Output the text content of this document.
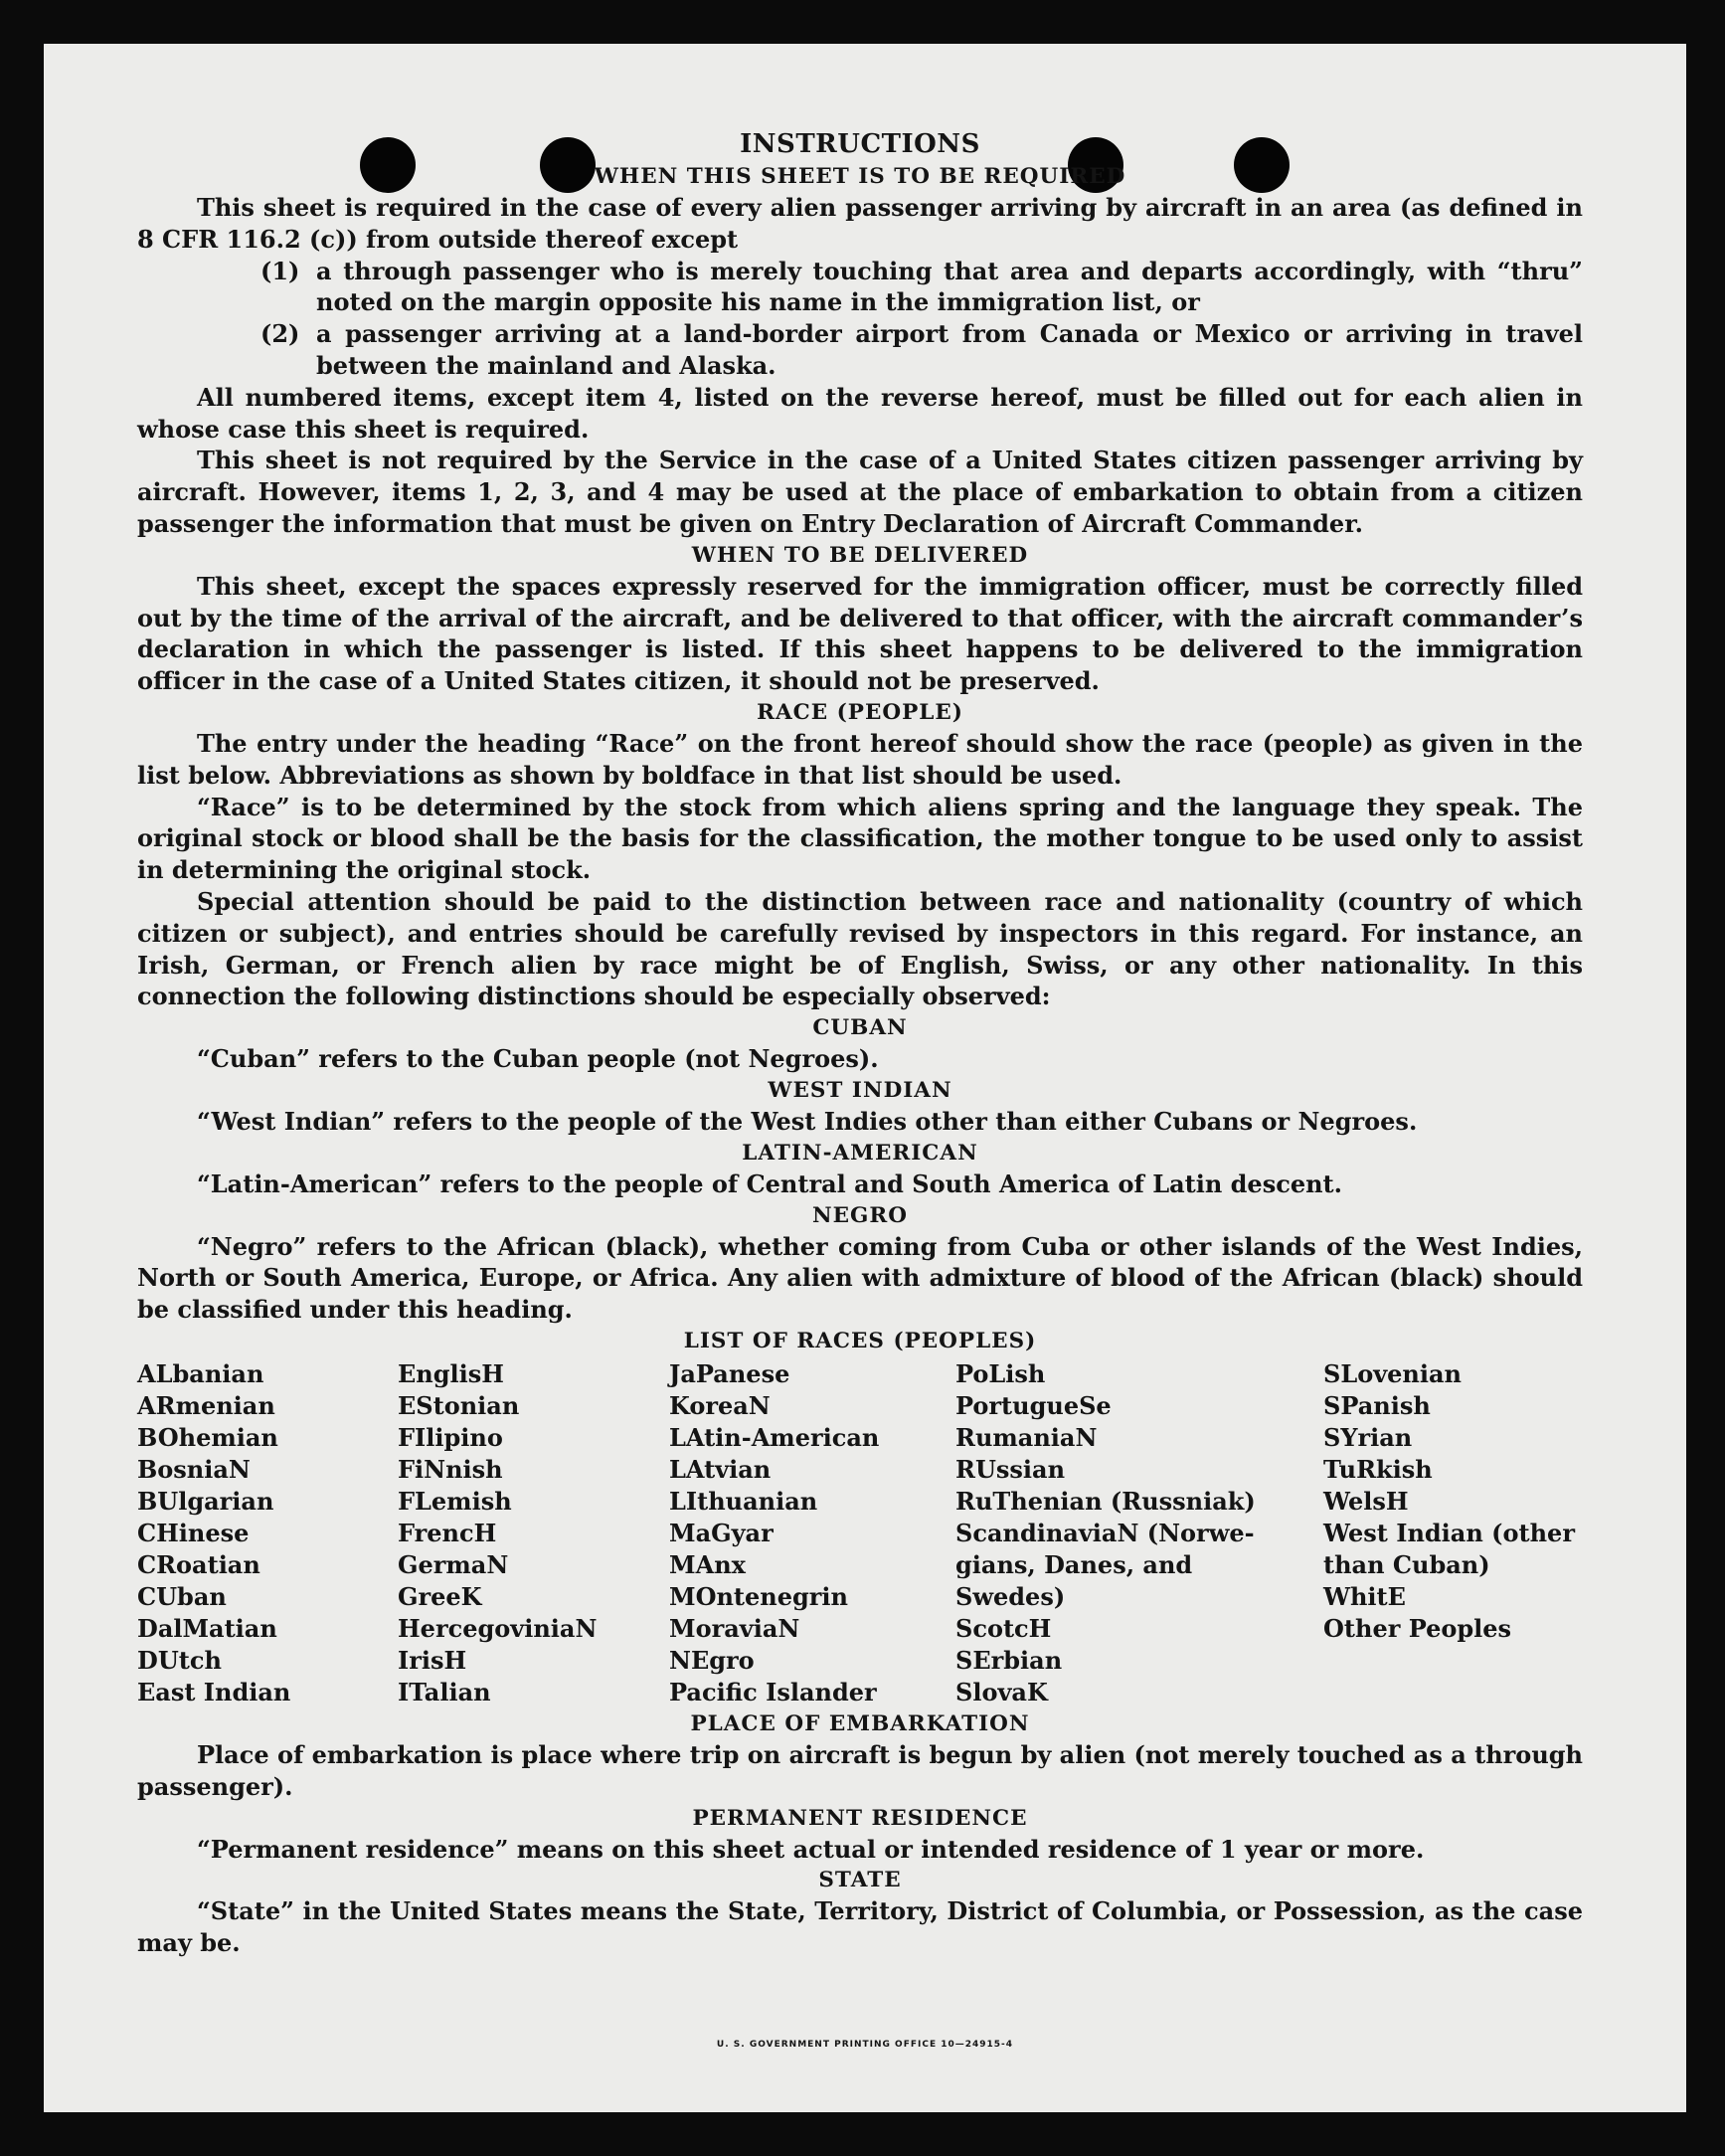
INSTRUCTIONS
WHEN THIS SHEET IS TO BE REQUIRED

This sheet is required in the case of every alien passenger arriving by aircraft in an area (as defined in 8 CFR 116.2 (c)) from outside thereof except

(1) a through passenger who is merely touching that area and departs accordingly, with “thru” noted on the margin opposite his name in the immigration list, or
(2) a passenger arriving at a land-border airport from Canada or Mexico or arriving in travel between the mainland and Alaska.

All numbered items, except item 4, listed on the reverse hereof, must be filled out for each alien in whose case this sheet is required.

This sheet is not required by the Service in the case of a United States citizen passenger arriving by aircraft. However, items 1, 2, 3, and 4 may be used at the place of embarkation to obtain from a citizen passenger the information that must be given on Entry Declaration of Aircraft Commander.

WHEN TO BE DELIVERED

This sheet, except the spaces expressly reserved for the immigration officer, must be correctly filled out by the time of the arrival of the aircraft, and be delivered to that officer, with the aircraft commander’s declaration in which the passenger is listed. If this sheet happens to be delivered to the immigration officer in the case of a United States citizen, it should not be preserved.

RACE (PEOPLE)

The entry under the heading “Race” on the front hereof should show the race (people) as given in the list below. Abbreviations as shown by boldface in that list should be used.

“Race” is to be determined by the stock from which aliens spring and the language they speak. The original stock or blood shall be the basis for the classification, the mother tongue to be used only to assist in determining the original stock.

Special attention should be paid to the distinction between race and nationality (country of which citizen or subject), and entries should be carefully revised by inspectors in this regard. For instance, an Irish, German, or French alien by race might be of English, Swiss, or any other nationality. In this connection the following distinctions should be especially observed:

CUBAN

“Cuban” refers to the Cuban people (not Negroes).

WEST INDIAN

“West Indian” refers to the people of the West Indies other than either Cubans or Negroes.

LATIN-AMERICAN

“Latin-American” refers to the people of Central and South America of Latin descent.

NEGRO

“Negro” refers to the African (black), whether coming from Cuba or other islands of the West Indies, North or South America, Europe, or Africa. Any alien with admixture of blood of the African (black) should be classified under this heading.

LIST OF RACES (PEOPLES)
ALbanian
ARmenian
BOhemian
BosniaN
BUlgarian
CHinese
CRoatian
CUban
DalMatian
DUtch
East Indian
EnglisH
EStonian
FIlipino
FiNnish
FLemish
FrencH
GermaN
GreeK
HercegoviniaN
IrisH
ITalian
JaPanese
KoreaN
LAtin-American
LAtvian
LIthuanian
MaGyar
MAnx
MOntenegrin
MoraviaN
NEgro
Pacific Islander
PoLish
PortugueSe
RumaniaN
RUssian
RuThenian (Russniak)
ScandinaviaN (Norwe-
gians, Danes, and
Swedes)
ScotcH
SErbian
SlovaK
SLovenian
SPanish
SYrian
TuRkish
WelsH
West Indian (other
than Cuban)
WhitE
Other Peoples
PLACE OF EMBARKATION

Place of embarkation is place where trip on aircraft is begun by alien (not merely touched as a through passenger).

PERMANENT RESIDENCE

“Permanent residence” means on this sheet actual or intended residence of 1 year or more.

STATE

“State” in the United States means the State, Territory, District of Columbia, or Possession, as the case may be.

U. S. GOVERNMENT PRINTING OFFICE 10—24915-4
